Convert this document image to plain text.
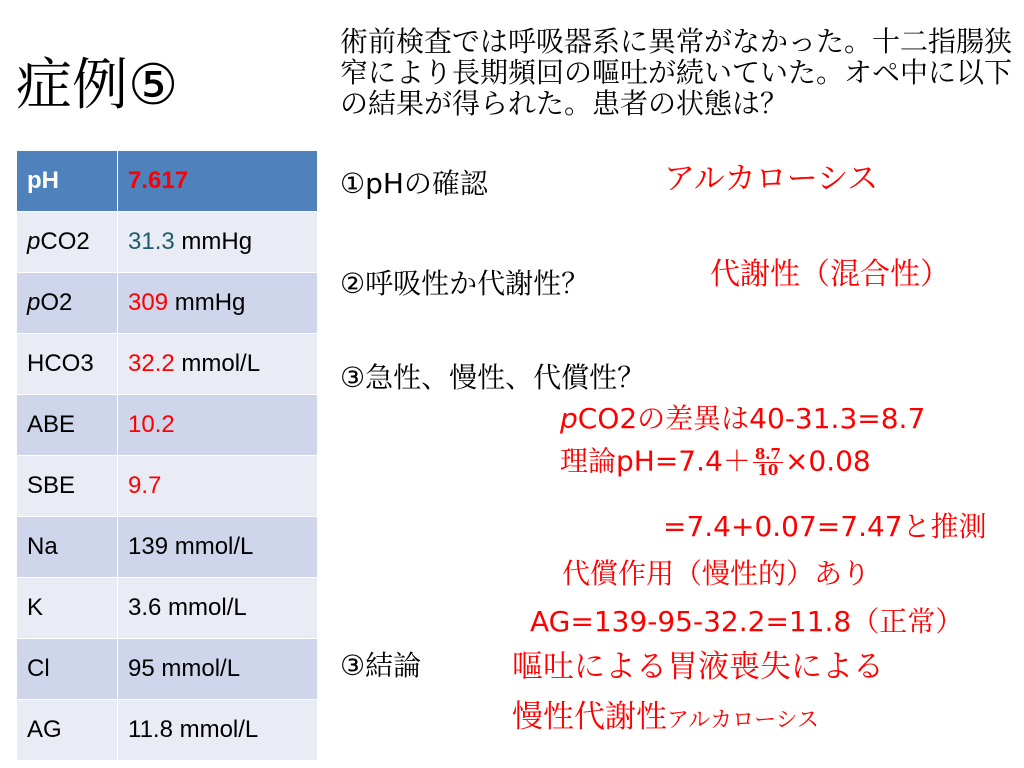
症例⑤

術前検査では呼吸器系に異常がなかった。十二指腸狭窄により長期頻回の嘔吐が続いていた。オペ中に以下の結果が得られた。患者の状態は？

pH	7.617
pCO2	31.3 mmHg
pO2	309 mmHg
HCO3	32.2 mmol/L
ABE	10.2
SBE	9.7
Na	139 mmol/L
K	3.6 mmol/L
Cl	95 mmol/L
AG	11.8 mmol/L
①pHの確認	アルカローシス
②呼吸性か代謝性？	代謝性（混合性）
③急性、慢性、代償性？
pCO2の差異は40-31.3=8.7
理論$pH=7.4+ \frac{8.7}{10} \times 0.08$
=7.4+0.07=7.47と推測
代償作用（慢性的）あり
AG=139-95-32.2=11.8（正常）
③結論	嘔吐による胃液喪失による
慢性代謝性アルカローシス
